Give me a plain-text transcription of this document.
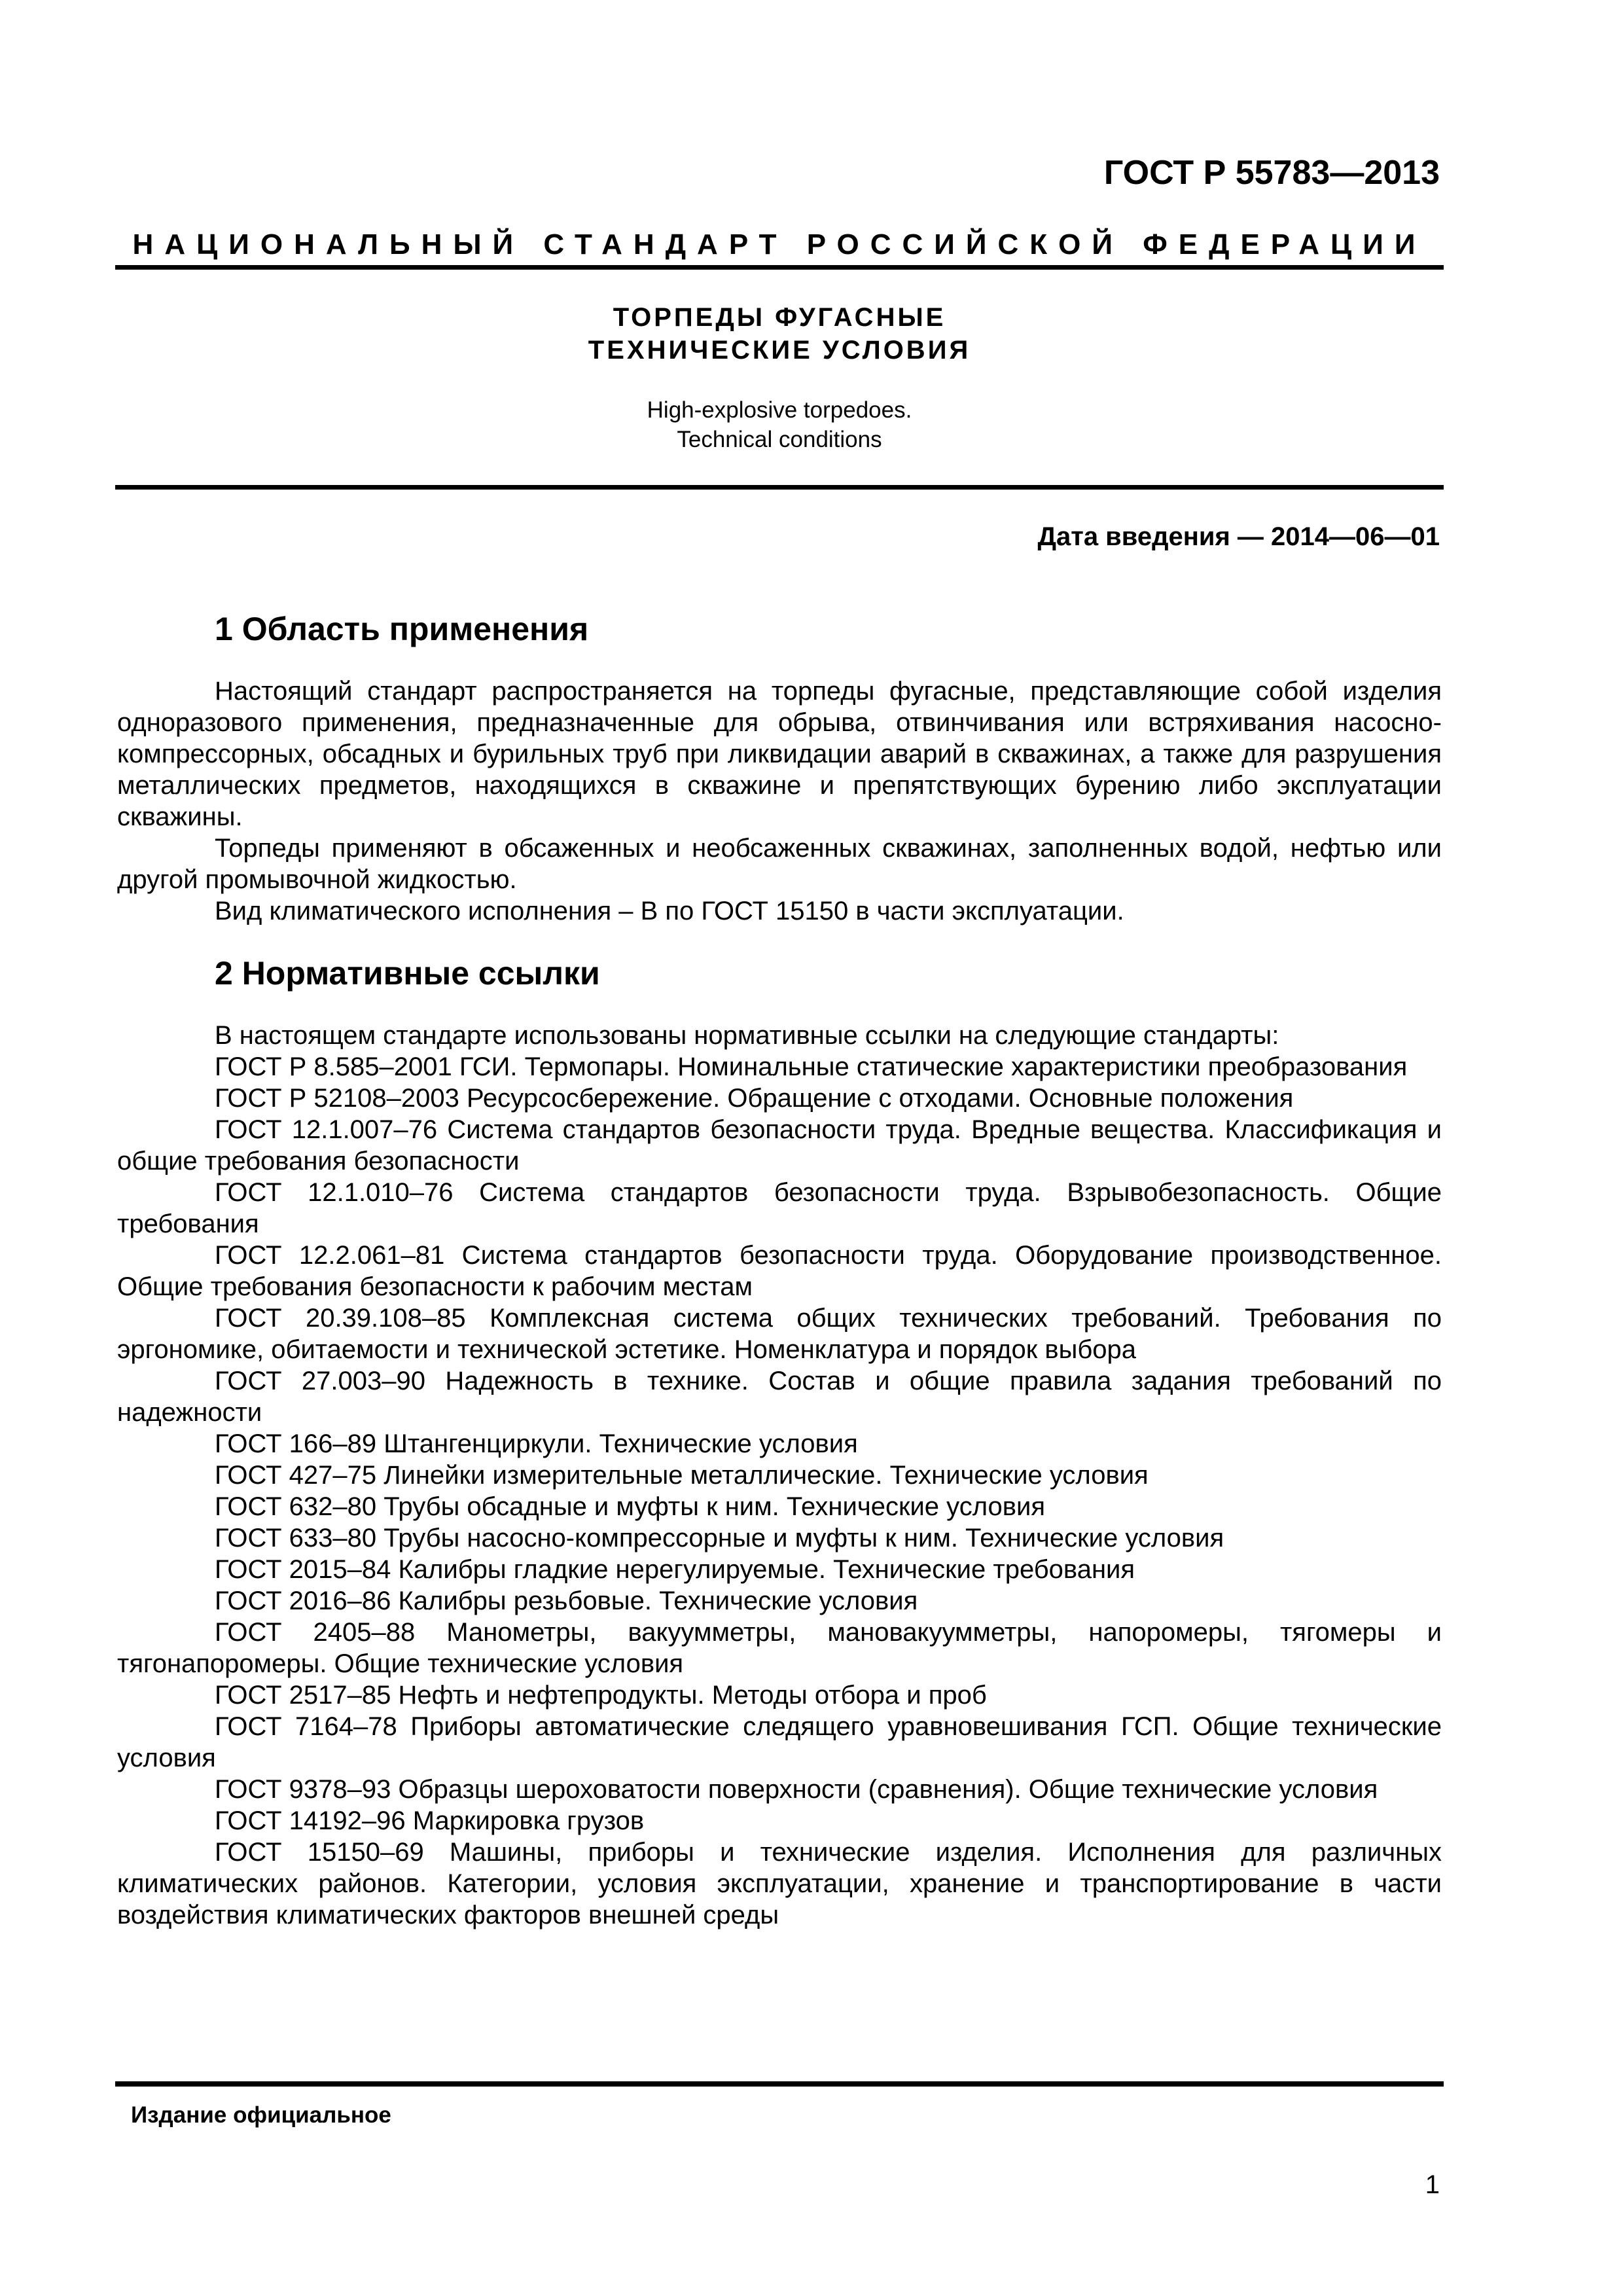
ГОСТ Р 55783—2013
НАЦИОНАЛЬНЫЙ СТАНДАРТ РОССИЙСКОЙ ФЕДЕРАЦИИ
ТОРПЕДЫ ФУГАСНЫЕ
ТЕХНИЧЕСКИЕ УСЛОВИЯ
High-explosive torpedoes.
Technical conditions
Дата введения — 2014—06—01
1 Область применения

Настоящий стандарт распространяется на торпеды фугасные, представляющие собой изделия одноразового применения, предназначенные для обрыва, отвинчивания или встряхивания насосно-компрессорных, обсадных и бурильных труб при ликвидации аварий в скважинах, а также для разрушения металлических предметов, находящихся в скважине и препятствующих бурению либо эксплуатации скважины.

Торпеды применяют в обсаженных и необсаженных скважинах, заполненных водой, нефтью или другой промывочной жидкостью.

Вид климатического исполнения – В по ГОСТ 15150 в части эксплуатации.

2 Нормативные ссылки

В настоящем стандарте использованы нормативные ссылки на следующие стандарты:

ГОСТ Р 8.585–2001 ГСИ. Термопары. Номинальные статические характеристики преобразования

ГОСТ Р 52108–2003 Ресурсосбережение. Обращение с отходами. Основные положения

ГОСТ 12.1.007–76 Система стандартов безопасности труда. Вредные вещества. Классификация и общие требования безопасности

ГОСТ 12.1.010–76 Система стандартов безопасности труда. Взрывобезопасность. Общие требования

ГОСТ 12.2.061–81 Система стандартов безопасности труда. Оборудование производственное. Общие требования безопасности к рабочим местам

ГОСТ 20.39.108–85 Комплексная система общих технических требований. Требования по эргономике, обитаемости и технической эстетике. Номенклатура и порядок выбора

ГОСТ 27.003–90 Надежность в технике. Состав и общие правила задания требований по надежности

ГОСТ 166–89 Штангенциркули. Технические условия

ГОСТ 427–75 Линейки измерительные металлические. Технические условия

ГОСТ 632–80 Трубы обсадные и муфты к ним. Технические условия

ГОСТ 633–80 Трубы насосно-компрессорные и муфты к ним. Технические условия

ГОСТ 2015–84 Калибры гладкие нерегулируемые. Технические требования

ГОСТ 2016–86 Калибры резьбовые. Технические условия

ГОСТ 2405–88 Манометры, вакуумметры, мановакуумметры, напоромеры, тягомеры и тягонапоромеры. Общие технические условия

ГОСТ 2517–85 Нефть и нефтепродукты. Методы отбора и проб

ГОСТ 7164–78 Приборы автоматические следящего уравновешивания ГСП. Общие технические условия

ГОСТ 9378–93 Образцы шероховатости поверхности (сравнения). Общие технические условия

ГОСТ 14192–96 Маркировка грузов

ГОСТ 15150–69 Машины, приборы и технические изделия. Исполнения для различных климатических районов. Категории, условия эксплуатации, хранение и транспортирование в части воздействия климатических факторов внешней среды

Издание официальное
1
